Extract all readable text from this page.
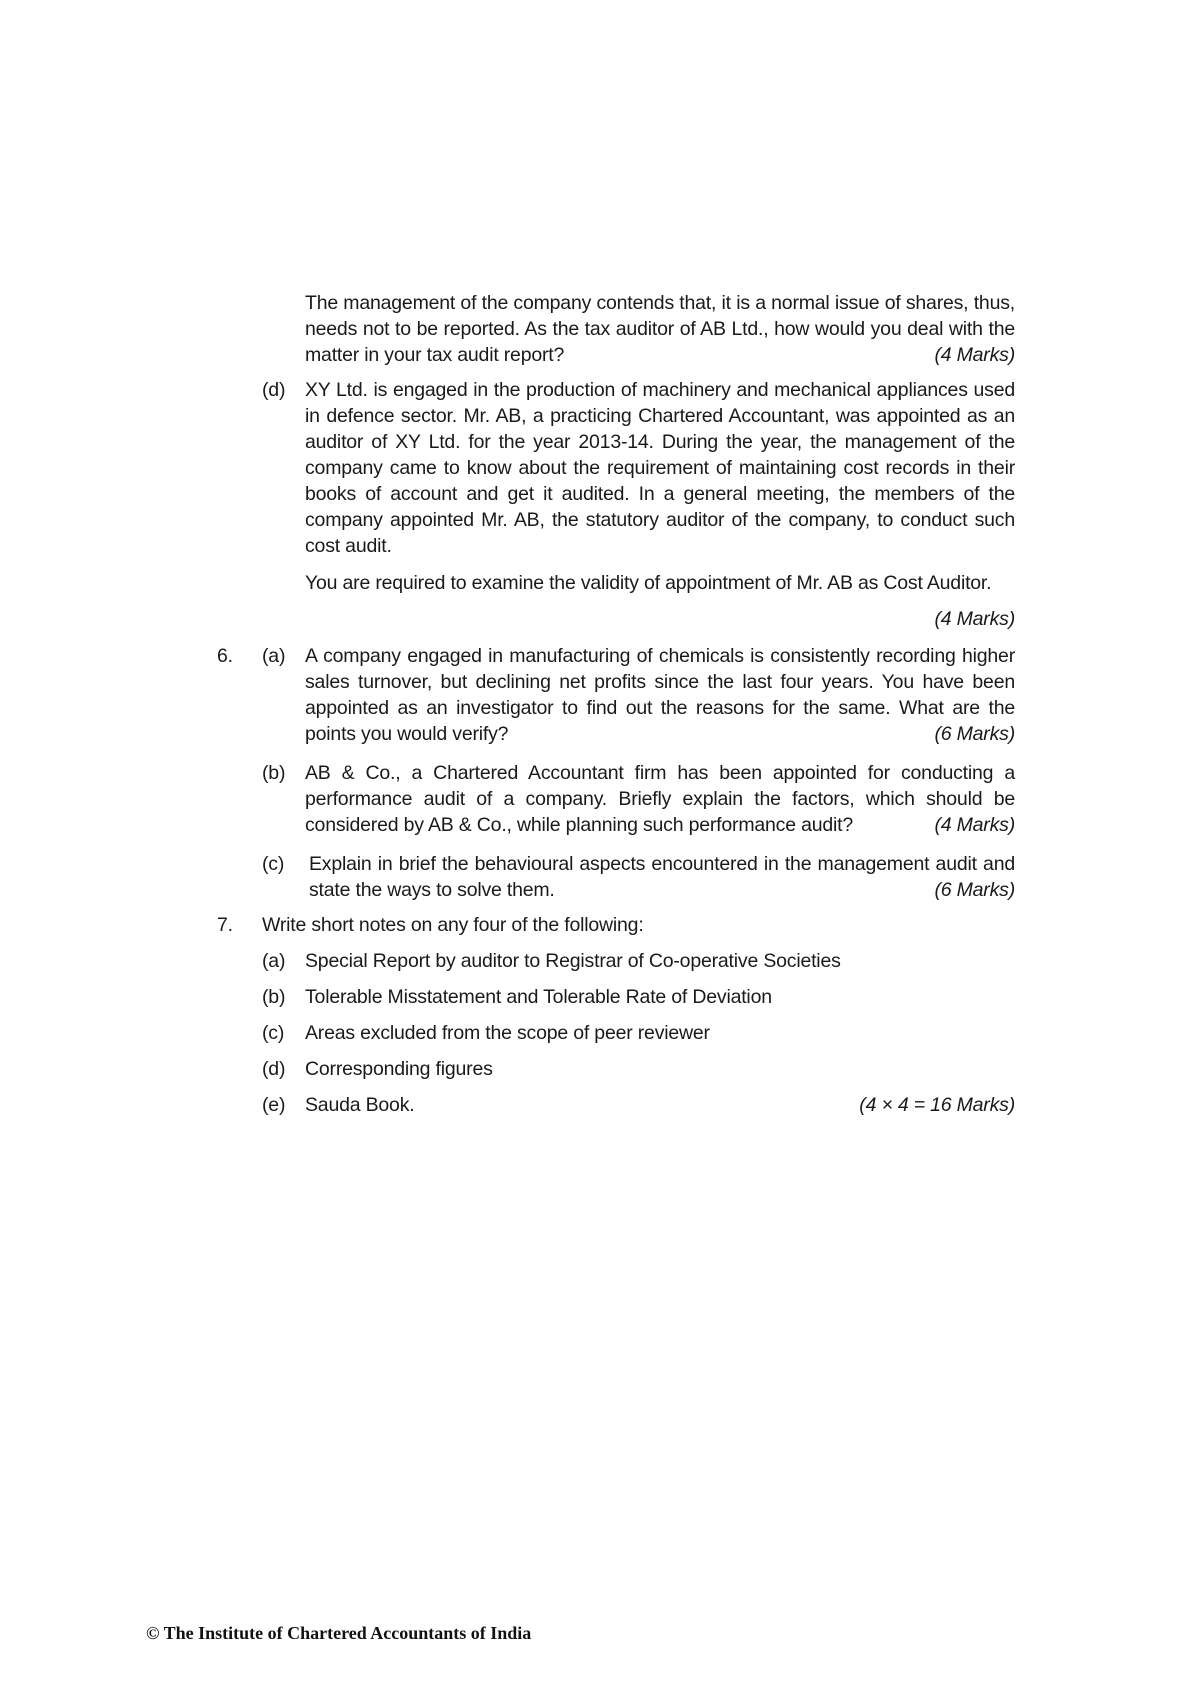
The management of the company contends that, it is a normal issue of shares, thus,
needs not to be reported. As the tax auditor of AB Ltd., how would you deal with the
matter in your tax audit report?	(4 Marks)
(d) XY Ltd. is engaged in the production of machinery and mechanical appliances used
in defence sector. Mr. AB, a practicing Chartered Accountant, was appointed as an
auditor of XY Ltd. for the year 2013-14. During the year, the management of the
company came to know about the requirement of maintaining cost records in their
books of account and get it audited. In a general meeting, the members of the
company appointed Mr. AB, the statutory auditor of the company, to conduct such
cost audit.
You are required to examine the validity of appointment of Mr. AB as Cost Auditor.
(4 Marks)
6. (a) A company engaged in manufacturing of chemicals is consistently recording higher
sales turnover, but declining net profits since the last four years. You have been
appointed as an investigator to find out the reasons for the same. What are the
points you would verify?	(6 Marks)
(b) AB & Co., a Chartered Accountant firm has been appointed for conducting a
performance audit of a company. Briefly explain the factors, which should be
considered by AB & Co., while planning such performance audit?	(4 Marks)
(c) Explain in brief the behavioural aspects encountered in the management audit and
state the ways to solve them.	(6 Marks)
7. Write short notes on any four of the following:
(a) Special Report by auditor to Registrar of Co-operative Societies
(b) Tolerable Misstatement and Tolerable Rate of Deviation
(c) Areas excluded from the scope of peer reviewer
(d) Corresponding figures
(e) Sauda Book.	(4 × 4 = 16 Marks)
© The Institute of Chartered Accountants of India
